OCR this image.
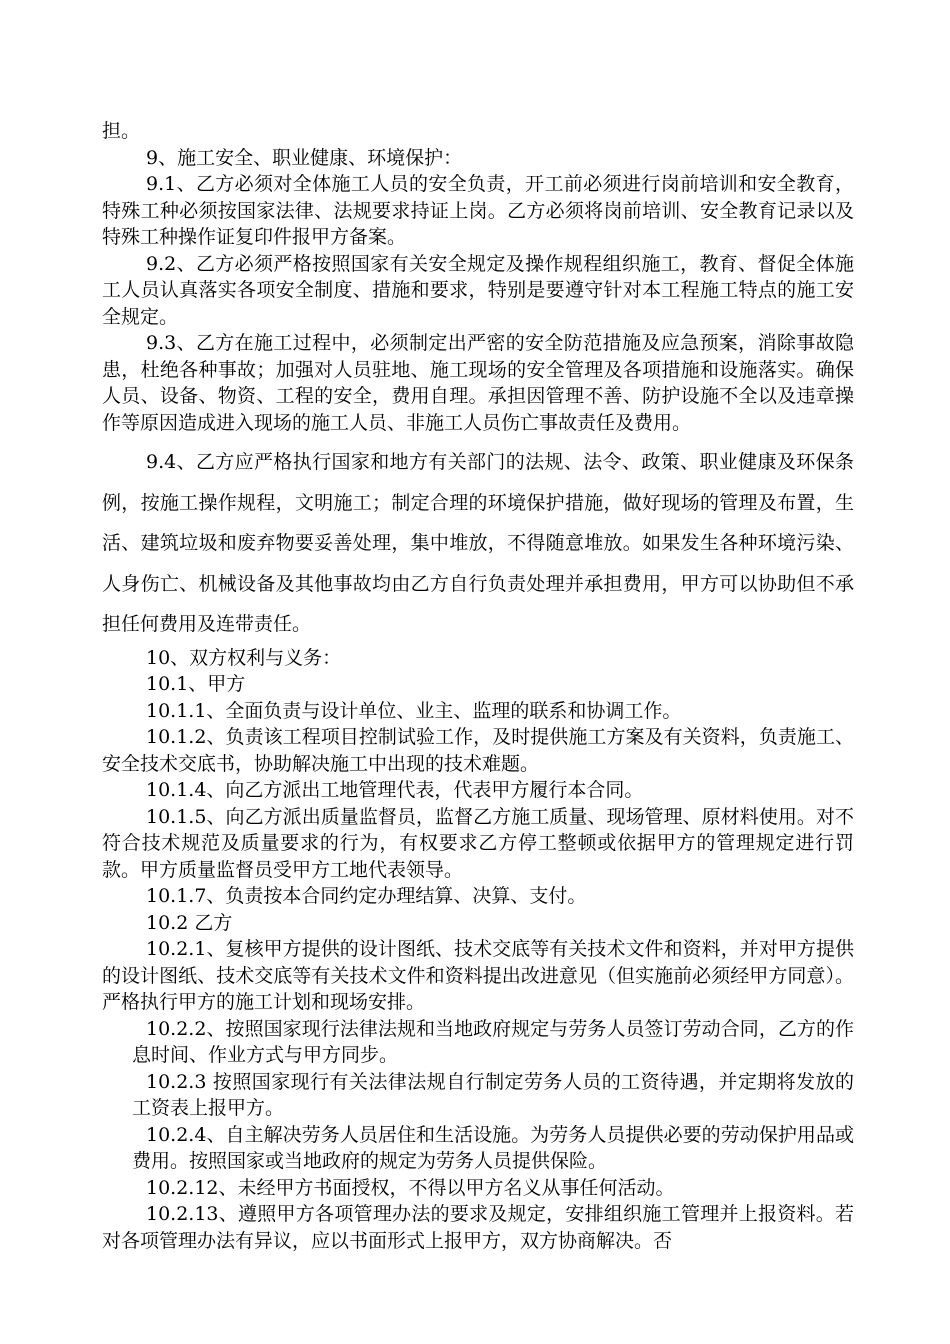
担。

9、施工安全、职业健康、环境保护：

9.1、乙方必须对全体施工人员的安全负责，开工前必须进行岗前培训和安全教育，特殊工种必须按国家法律、法规要求持证上岗。乙方必须将岗前培训、安全教育记录以及特殊工种操作证复印件报甲方备案。

9.2、乙方必须严格按照国家有关安全规定及操作规程组织施工，教育、督促全体施工人员认真落实各项安全制度、措施和要求，特别是要遵守针对本工程施工特点的施工安全规定。

9.3、乙方在施工过程中，必须制定出严密的安全防范措施及应急预案，消除事故隐患，杜绝各种事故；加强对人员驻地、施工现场的安全管理及各项措施和设施落实。确保人员、设备、物资、工程的安全，费用自理。承担因管理不善、防护设施不全以及违章操作等原因造成进入现场的施工人员、非施工人员伤亡事故责任及费用。

9.4、乙方应严格执行国家和地方有关部门的法规、法令、政策、职业健康及环保条例，按施工操作规程，文明施工；制定合理的环境保护措施，做好现场的管理及布置，生活、建筑垃圾和废弃物要妥善处理，集中堆放，不得随意堆放。如果发生各种环境污染、人身伤亡、机械设备及其他事故均由乙方自行负责处理并承担费用，甲方可以协助但不承担任何费用及连带责任。

10、双方权利与义务：

10.1、甲方

10.1.1、全面负责与设计单位、业主、监理的联系和协调工作。

10.1.2、负责该工程项目控制试验工作，及时提供施工方案及有关资料，负责施工、安全技术交底书，协助解决施工中出现的技术难题。

10.1.4、向乙方派出工地管理代表，代表甲方履行本合同。

10.1.5、向乙方派出质量监督员，监督乙方施工质量、现场管理、原材料使用。对不符合技术规范及质量要求的行为，有权要求乙方停工整顿或依据甲方的管理规定进行罚款。甲方质量监督员受甲方工地代表领导。

10.1.7、负责按本合同约定办理结算、决算、支付。

10.2 乙方

10.2.1、复核甲方提供的设计图纸、技术交底等有关技术文件和资料，并对甲方提供的设计图纸、技术交底等有关技术文件和资料提出改进意见（但实施前必须经甲方同意）。严格执行甲方的施工计划和现场安排。

10.2.2、按照国家现行法律法规和当地政府规定与劳务人员签订劳动合同，乙方的作息时间、作业方式与甲方同步。

10.2.3 按照国家现行有关法律法规自行制定劳务人员的工资待遇，并定期将发放的工资表上报甲方。

10.2.4、自主解决劳务人员居住和生活设施。为劳务人员提供必要的劳动保护用品或费用。按照国家或当地政府的规定为劳务人员提供保险。

10.2.12、未经甲方书面授权，不得以甲方名义从事任何活动。

10.2.13、遵照甲方各项管理办法的要求及规定，安排组织施工管理并上报资料。若对各项管理办法有异议，应以书面形式上报甲方，双方协商解决。否
